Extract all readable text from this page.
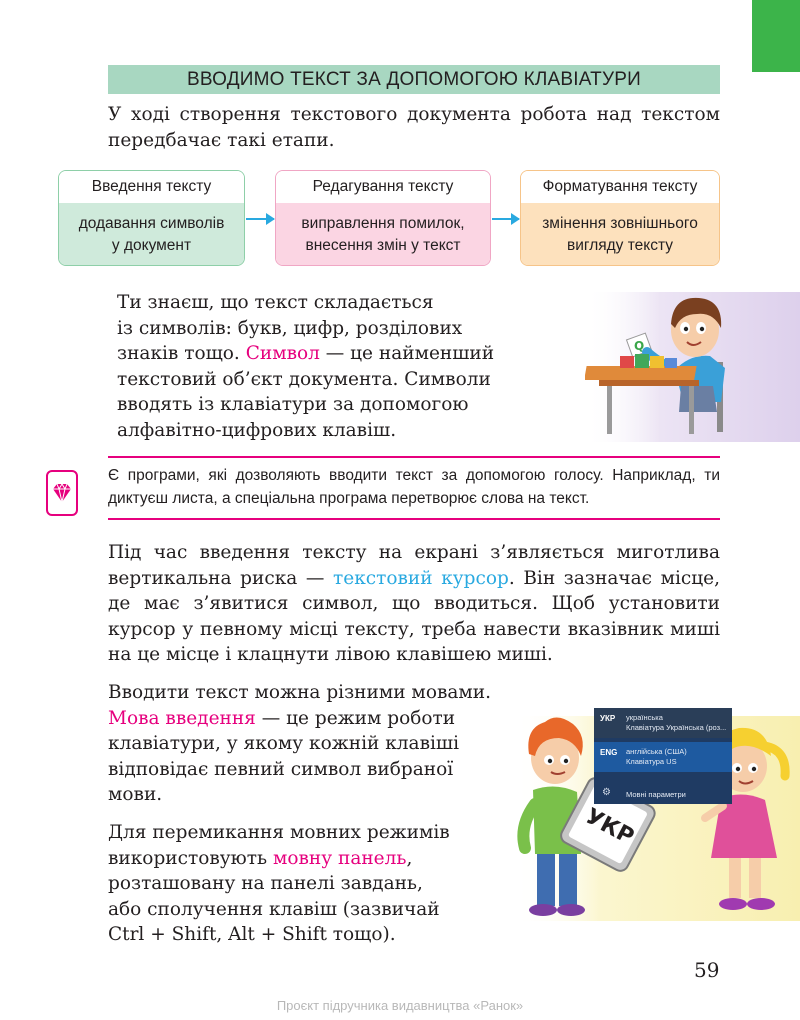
ВВОДИМО ТЕКСТ ЗА ДОПОМОГОЮ КЛАВІАТУРИ

У ході створення текстового документа робота над текстом передбачає такі етапи.

Введення тексту
додавання символів
у документ
Редагування тексту
виправлення помилок,
внесення змін у текст
Форматування тексту
змінення зовнішнього
вигляду тексту

Ти знаєш, що текст складається
із символів: букв, цифр, розділових
знаків тощо. Символ — це найменший
текстовий об’єкт документа. Символи
вводять із клавіатури за допомогою
алфавітно-цифрових клавіш.

Q

Є програми, які дозволяють вводити текст за допомогою голосу. Наприклад, ти диктуєш листа, а спеціальна програма перетворює слова на текст.

Під час введення тексту на екрані з’являється миготлива вертикальна риска — текстовий курсор. Він зазначає місце, де має з’явитися символ, що вводиться. Щоб установити курсор у певному місці тексту, треба навести вказівник миші на це місце і клацнути лівою клавішею миші.

Вводити текст можна різними мовами.
Мова введення — це режим роботи
клавіатури, у якому кожній клавіші
відповідає певний символ вибраної
мови.

Для перемикання мовних режимів
використовують мовну панель,
розташовану на панелі завдань,
або сполучення клавіш (зазвичай
Ctrl + Shift, Alt + Shift тощо).

УКР
УКР українська
Клавіатура Українська (роз...
ENG англійська (США)
Клавіатура US
⚙ Мовні параметри
59
Проєкт підручника видавництва «Ранок»
